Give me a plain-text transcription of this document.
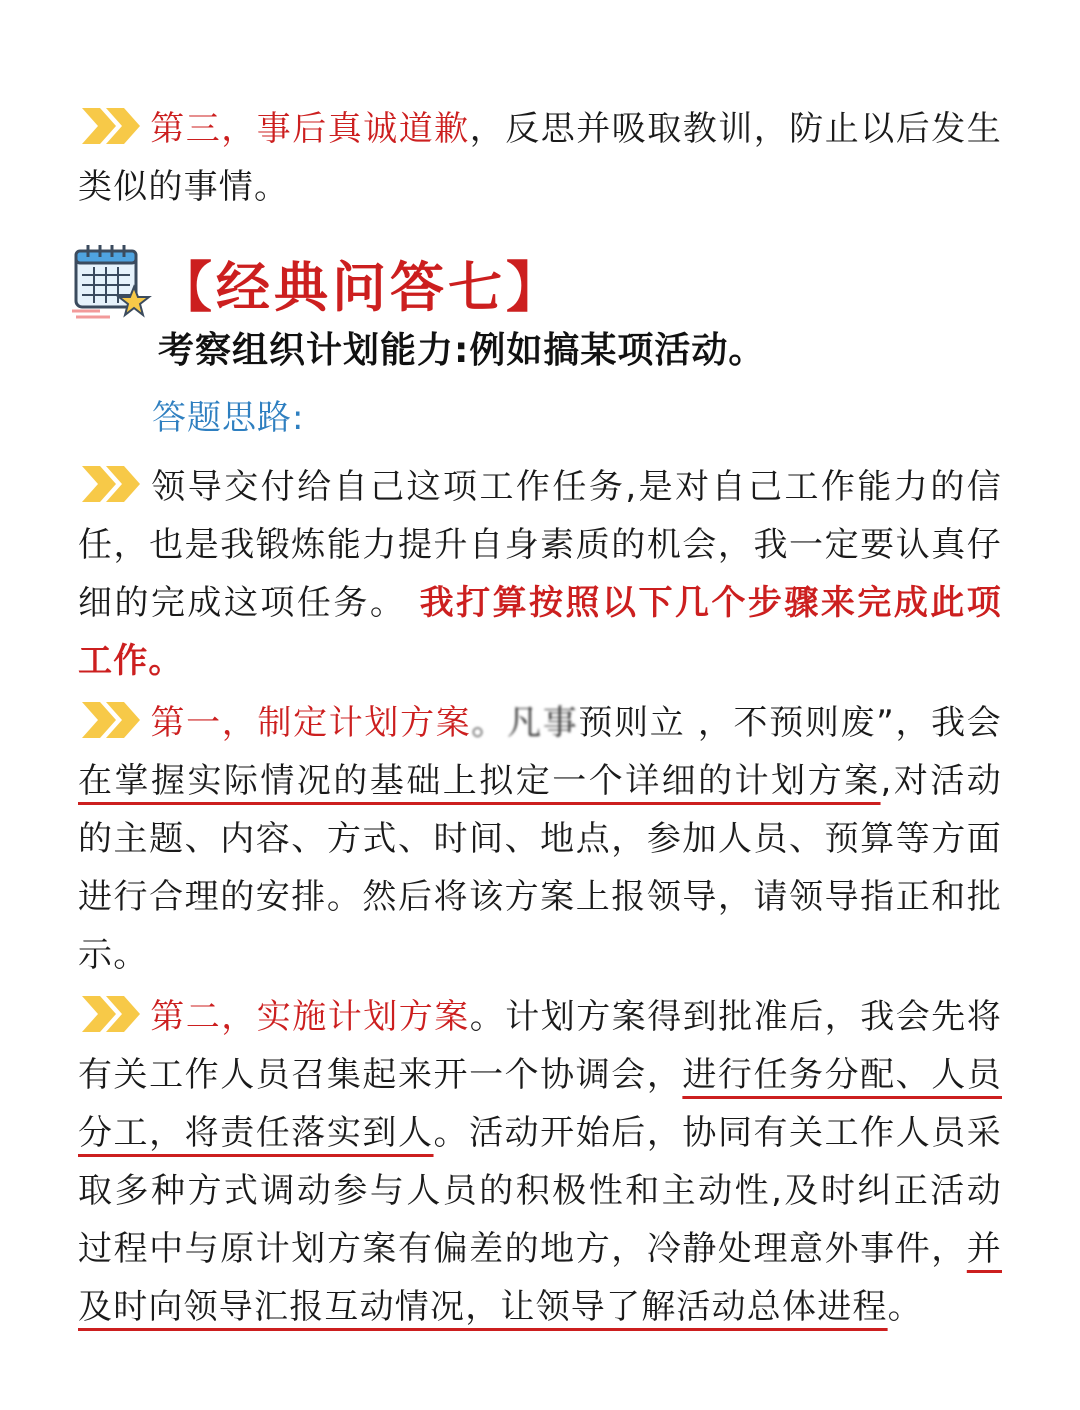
第三，事后真诚道歉，反思并吸取教训，防止以后发生类似的事情。
【经典问答七】
考察组织计划能力:例如搞某项活动。
答题思路:
领导交付给自己这项工作任务,是对自己工作能力的信任，也是我锻炼能力提升自身素质的机会，我一定要认真仔细的完成这项任务。 我打算按照以下几个步骤来完成此项工作。
第一，制定计划方案。凡事预则立 ，不预则废”，我会在掌握实际情况的基础上拟定一个详细的计划方案,对活动的主题、内容、方式、时间、地点，参加人员、预算等方面进行合理的安排。然后将该方案上报领导，请领导指正和批示。
第二，实施计划方案。计划方案得到批准后，我会先将有关工作人员召集起来开一个协调会，进行任务分配、人员分工，将责任落实到人。活动开始后，协同有关工作人员采取多种方式调动参与人员的积极性和主动性,及时纠正活动过程中与原计划方案有偏差的地方，冷静处理意外事件，并及时向领导汇报互动情况，让领导了解活动总体进程。
